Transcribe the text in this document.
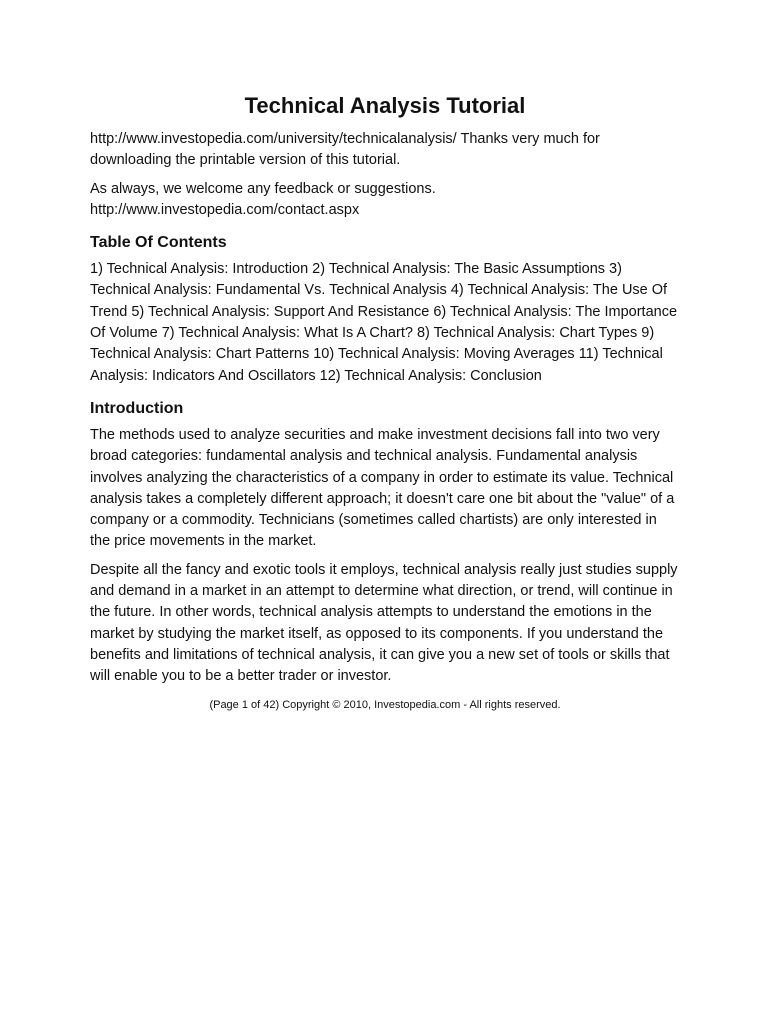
Technical Analysis Tutorial

http://www.investopedia.com/university/technicalanalysis/ Thanks very much for downloading the printable version of this tutorial.

As always, we welcome any feedback or suggestions.
http://www.investopedia.com/contact.aspx

Table Of Contents

1) Technical Analysis: Introduction 2) Technical Analysis: The Basic Assumptions 3) Technical Analysis: Fundamental Vs. Technical Analysis 4) Technical Analysis: The Use Of Trend 5) Technical Analysis: Support And Resistance 6) Technical Analysis: The Importance Of Volume 7) Technical Analysis: What Is A Chart? 8) Technical Analysis: Chart Types 9) Technical Analysis: Chart Patterns 10) Technical Analysis: Moving Averages 11) Technical Analysis: Indicators And Oscillators 12) Technical Analysis: Conclusion

Introduction

The methods used to analyze securities and make investment decisions fall into two very broad categories: fundamental analysis and technical analysis. Fundamental analysis involves analyzing the characteristics of a company in order to estimate its value. Technical analysis takes a completely different approach; it doesn't care one bit about the "value" of a company or a commodity. Technicians (sometimes called chartists) are only interested in the price movements in the market.

Despite all the fancy and exotic tools it employs, technical analysis really just studies supply and demand in a market in an attempt to determine what direction, or trend, will continue in the future. In other words, technical analysis attempts to understand the emotions in the market by studying the market itself, as opposed to its components. If you understand the benefits and limitations of technical analysis, it can give you a new set of tools or skills that will enable you to be a better trader or investor.

(Page 1 of 42) Copyright © 2010, Investopedia.com - All rights reserved.
